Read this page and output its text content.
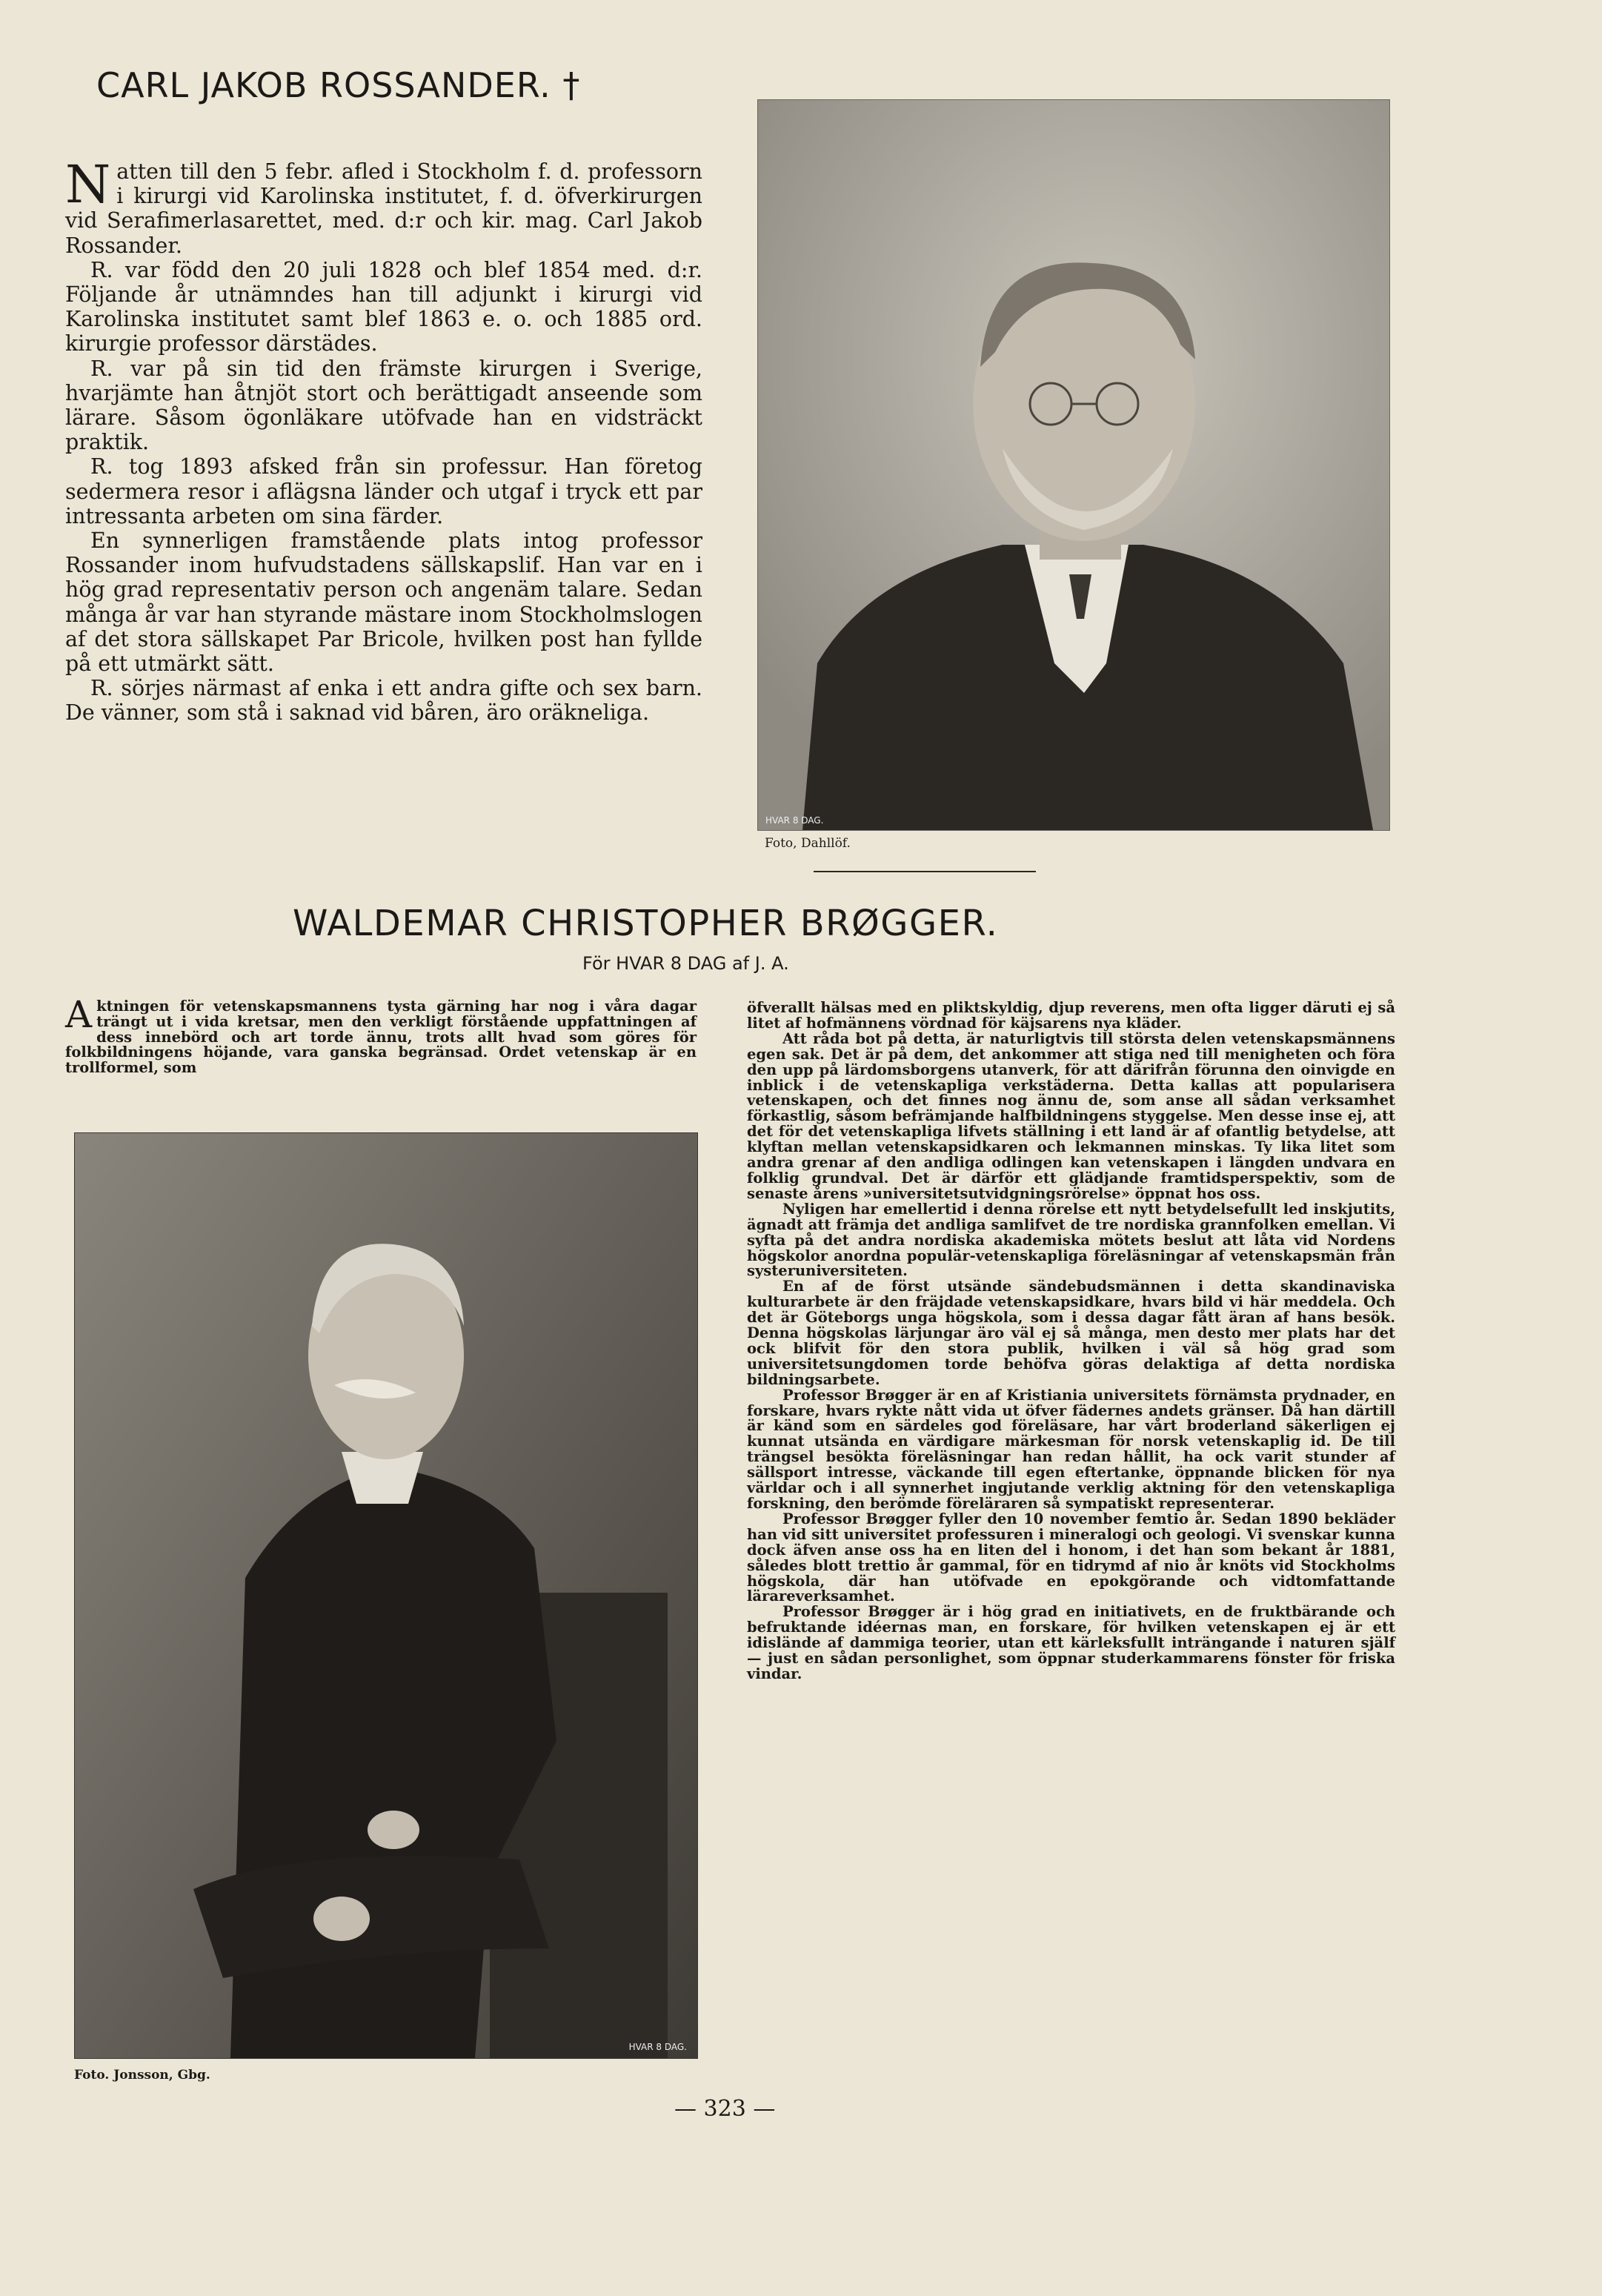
CARL JAKOB ROSSANDER. †

Natten till den 5 febr. afled i Stockholm f. d. professorn i kirurgi vid Karolinska institutet, f. d. öfverkirurgen vid Serafimerlasarettet, med. d:r och kir. mag. Carl Jakob Rossander.

R. var född den 20 juli 1828 och blef 1854 med. d:r. Följande år utnämndes han till adjunkt i kirurgi vid Karolinska institutet samt blef 1863 e. o. och 1885 ord. kirurgie professor därstädes.

R. var på sin tid den främste kirurgen i Sverige, hvarjämte han åtnjöt stort och berättigadt anseende som lärare. Såsom ögonläkare utöfvade han en vidsträckt praktik.

R. tog 1893 afsked från sin professur. Han företog sedermera resor i aflägsna länder och utgaf i tryck ett par intressanta arbeten om sina färder.

En synnerligen framstående plats intog professor Rossander inom hufvudstadens sällskapslif. Han var en i hög grad representativ person och angenäm talare. Sedan många år var han styrande mästare inom Stockholmslogen af det stora sällskapet Par Bricole, hvilken post han fyllde på ett utmärkt sätt.

R. sörjes närmast af enka i ett andra gifte och sex barn. De vänner, som stå i saknad vid båren, äro oräkneliga.

HVAR 8 DAG.
Foto, Dahllöf.
WALDEMAR CHRISTOPHER BRØGGER.
För HVAR 8 DAG af J. A.
Aktningen för vetenskapsmannens tysta gärning har nog i våra dagar trängt ut i vida kretsar, men den verkligt förstående uppfattningen af dess innebörd och art torde ännu, trots allt hvad som göres för folkbildningens höjande, vara ganska begränsad. Ordet vetenskap är en trollformel, som
HVAR 8 DAG.
Foto. Jonsson, Gbg.

öfverallt hälsas med en pliktskyldig, djup reverens, men ofta ligger däruti ej så litet af hofmännens vördnad för käjsarens nya kläder.

Att råda bot på detta, är naturligtvis till största delen vetenskapsmännens egen sak. Det är på dem, det ankommer att stiga ned till menigheten och föra den upp på lärdomsborgens utanverk, för att därifrån förunna den oinvigde en inblick i de vetenskapliga verkstäderna. Detta kallas att popularisera vetenskapen, och det finnes nog ännu de, som anse all sådan verksamhet förkastlig, såsom befrämjande halfbildningens styggelse. Men desse inse ej, att det för det vetenskapliga lifvets ställning i ett land är af ofantlig betydelse, att klyftan mellan vetenskapsidkaren och lekmannen minskas. Ty lika litet som andra grenar af den andliga odlingen kan vetenskapen i längden undvara en folklig grundval. Det är därför ett glädjande framtidsperspektiv, som de senaste årens »universitetsutvidgningsrörelse» öppnat hos oss.

Nyligen har emellertid i denna rörelse ett nytt betydelsefullt led inskjutits, ägnadt att främja det andliga samlifvet de tre nordiska grannfolken emellan. Vi syfta på det andra nordiska akademiska mötets beslut att låta vid Nordens högskolor anordna populär-vetenskapliga föreläsningar af vetenskapsmän från systeruniversiteten.

En af de först utsände sändebudsmännen i detta skandinaviska kulturarbete är den fräjdade vetenskapsidkare, hvars bild vi här meddela. Och det är Göteborgs unga högskola, som i dessa dagar fått äran af hans besök. Denna högskolas lärjungar äro väl ej så många, men desto mer plats har det ock blifvit för den stora publik, hvilken i väl så hög grad som universitetsungdomen torde behöfva göras delaktiga af detta nordiska bildningsarbete.

Professor Brøgger är en af Kristiania universitets förnämsta prydnader, en forskare, hvars rykte nått vida ut öfver fädernes andets gränser. Då han därtill är känd som en särdeles god föreläsare, har vårt broderland säkerligen ej kunnat utsända en värdigare märkesman för norsk vetenskaplig id. De till trängsel besökta föreläsningar han redan hållit, ha ock varit stunder af sällsport intresse, väckande till egen eftertanke, öppnande blicken för nya världar och i all synnerhet ingjutande verklig aktning för den vetenskapliga forskning, den berömde föreläraren så sympatiskt representerar.

Professor Brøgger fyller den 10 november femtio år. Sedan 1890 bekläder han vid sitt universitet professuren i mineralogi och geologi. Vi svenskar kunna dock äfven anse oss ha en liten del i honom, i det han som bekant år 1881, således blott trettio år gammal, för en tidrymd af nio år knöts vid Stockholms högskola, där han utöfvade en epokgörande och vidtomfattande lärareverksamhet.

Professor Brøgger är i hög grad en initiativets, en de fruktbärande och befruktande idéernas man, en forskare, för hvilken vetenskapen ej är ett idisländе af dammiga teorier, utan ett kärleksfullt inträngande i naturen själf — just en sådan personlighet, som öppnar studerkammarens fönster för friska vindar.

— 323 —
